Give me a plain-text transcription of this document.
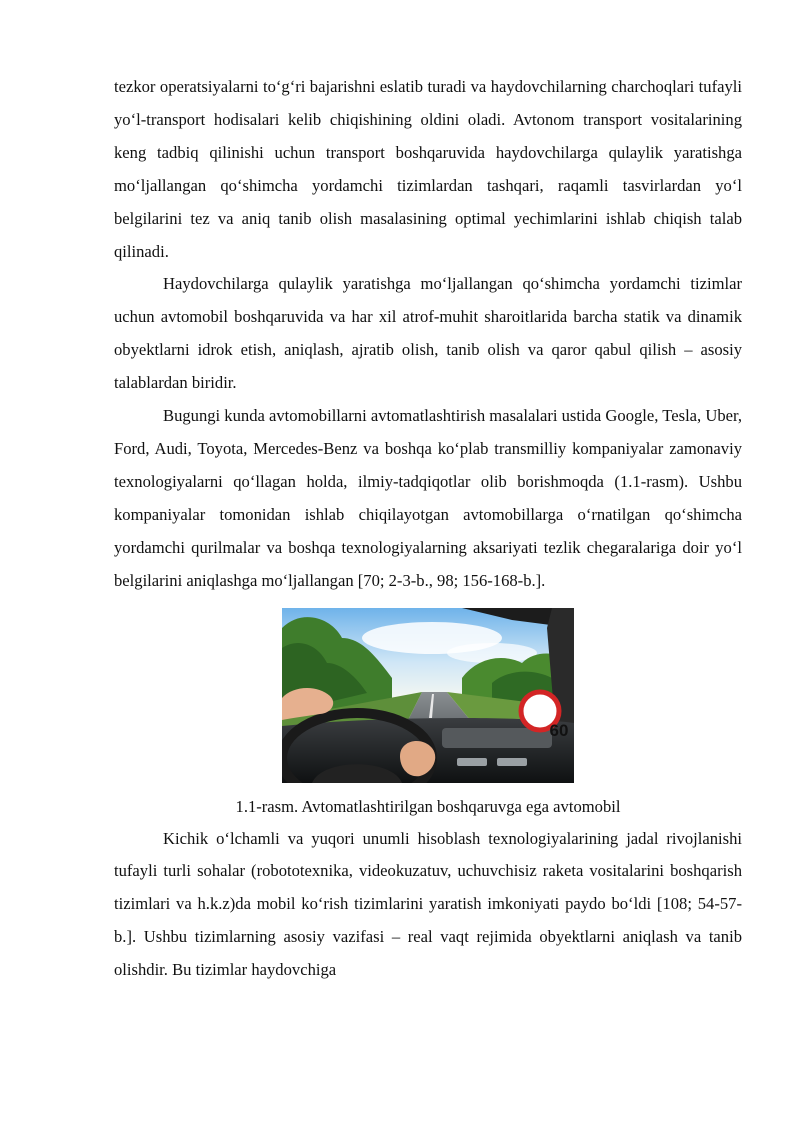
tezkor operatsiyalarni to‘g‘ri bajarishni eslatib turadi va haydovchilarning charchoqlari tufayli yo‘l-transport hodisalari kelib chiqishining oldini oladi. Avtonom transport vositalarining keng tadbiq qilinishi uchun transport boshqaruvida haydovchilarga qulaylik yaratishga mo‘ljallangan qo‘shimcha yordamchi tizimlardan tashqari, raqamli tasvirlardan yo‘l belgilarini tez va aniq tanib olish masalasining optimal yechimlarini ishlab chiqish talab qilinadi.

Haydovchilarga qulaylik yaratishga mo‘ljallangan qo‘shimcha yordamchi tizimlar uchun avtomobil boshqaruvida va har xil atrof-muhit sharoitlarida barcha statik va dinamik obyektlarni idrok etish, aniqlash, ajratib olish, tanib olish va qaror qabul qilish – asosiy talablardan biridir.

Bugungi kunda avtomobillarni avtomatlashtirish masalalari ustida Google, Tesla, Uber, Ford, Audi, Toyota, Mercedes-Benz va boshqa ko‘plab transmilliy kompaniyalar zamonaviy texnologiyalarni qo‘llagan holda, ilmiy-tadqiqotlar olib borishmoqda (1.1-rasm). Ushbu kompaniyalar tomonidan ishlab chiqilayotgan avtomobillarga o‘rnatilgan qo‘shimcha yordamchi qurilmalar va boshqa texnologiyalarning aksariyati tezlik chegaralariga doir yo‘l belgilarini aniqlashga mo‘ljallangan [70; 2-3-b., 98; 156-168-b.].

1.1-rasm. Avtomatlashtirilgan boshqaruvga ega avtomobil

Kichik o‘lchamli va yuqori unumli hisoblash texnologiyalarining jadal rivojlanishi tufayli turli sohalar (robototexnika, videokuzatuv, uchuvchisiz raketa vositalarini boshqarish tizimlari va h.k.z)da mobil ko‘rish tizimlarini yaratish imkoniyati paydo bo‘ldi [108; 54-57-b.]. Ushbu tizimlarning asosiy vazifasi – real vaqt rejimida obyektlarni aniqlash va tanib olishdir. Bu tizimlar haydovchiga

60
